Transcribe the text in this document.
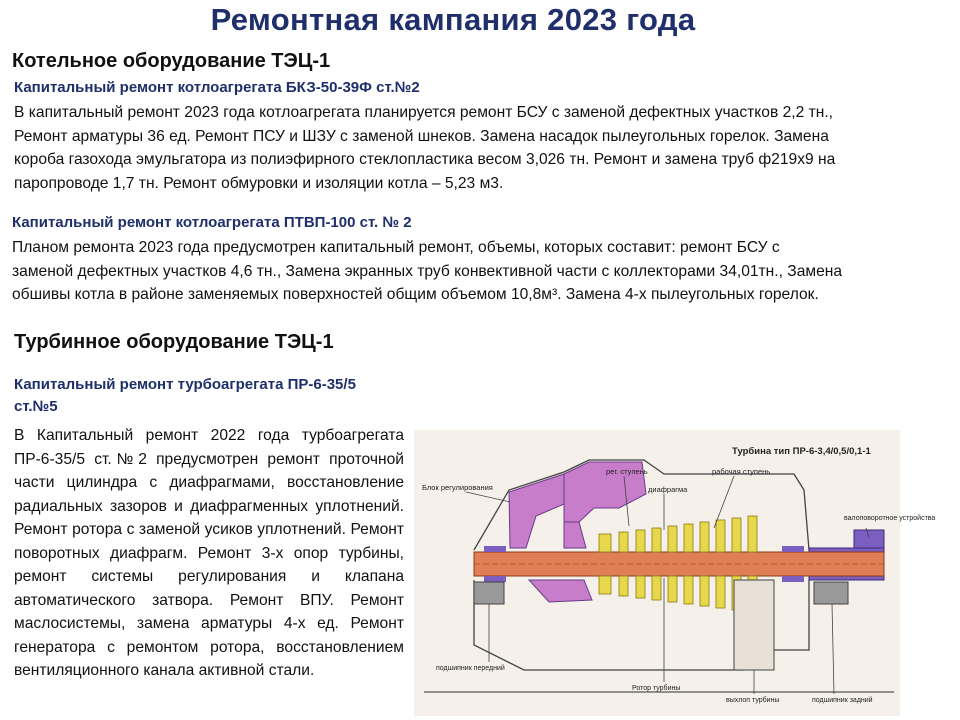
Ремонтная кампания 2023 года
Котельное оборудование ТЭЦ-1
Капитальный ремонт котлоагрегата БКЗ-50-39Ф ст.№2
В капитальный ремонт 2023 года котлоагрегата планируется ремонт БСУ с заменой дефектных участков 2,2 тн.,
Ремонт арматуры 36 ед. Ремонт ПСУ и ШЗУ с заменой шнеков. Замена насадок пылеугольных горелок. Замена
короба газохода эмульгатора из полиэфирного стеклопластика весом 3,026 тн. Ремонт и замена труб ф219х9 на
паропроводе 1,7 тн. Ремонт обмуровки и изоляции котла – 5,23 м3.
Капитальный ремонт котлоагрегата ПТВП-100 ст. № 2
Планом ремонта 2023 года предусмотрен капитальный ремонт, объемы, которых составит: ремонт БСУ с
заменой дефектных участков 4,6 тн., Замена экранных труб конвективной части с коллекторами 34,01тн., Замена
обшивы котла в районе заменяемых поверхностей общим объемом 10,8м³. Замена 4-х пылеугольных горелок.
Турбинное оборудование ТЭЦ-1
Капитальный ремонт турбоагрегата ПР-6-35/5
ст.№5

В Капитальный ремонт 2022 года турбоагрегата ПР-6-35/5 ст.№2 предусмотрен ремонт проточной части цилиндра с диафрагмами, восстановление радиальных зазоров и диафрагменных уплотнений. Ремонт ротора с заменой усиков уплотнений. Ремонт поворотных диафрагм. Ремонт 3-х опор турбины, ремонт системы регулирования и клапана автоматического затвора. Ремонт ВПУ. Ремонт маслосистемы, замена арматуры 4-х ед. Ремонт генератора с ремонтом ротора, восстановлением вентиляционного канала активной стали.

Турбина тип ПР-6-3,4/0,5/0,1-1
Блок регулирования
рег. ступень
диафрагма
рабочая ступень
валоповоротное устройства
подшипник передний
Ротор турбины
выхлоп турбины	подшипник задний
